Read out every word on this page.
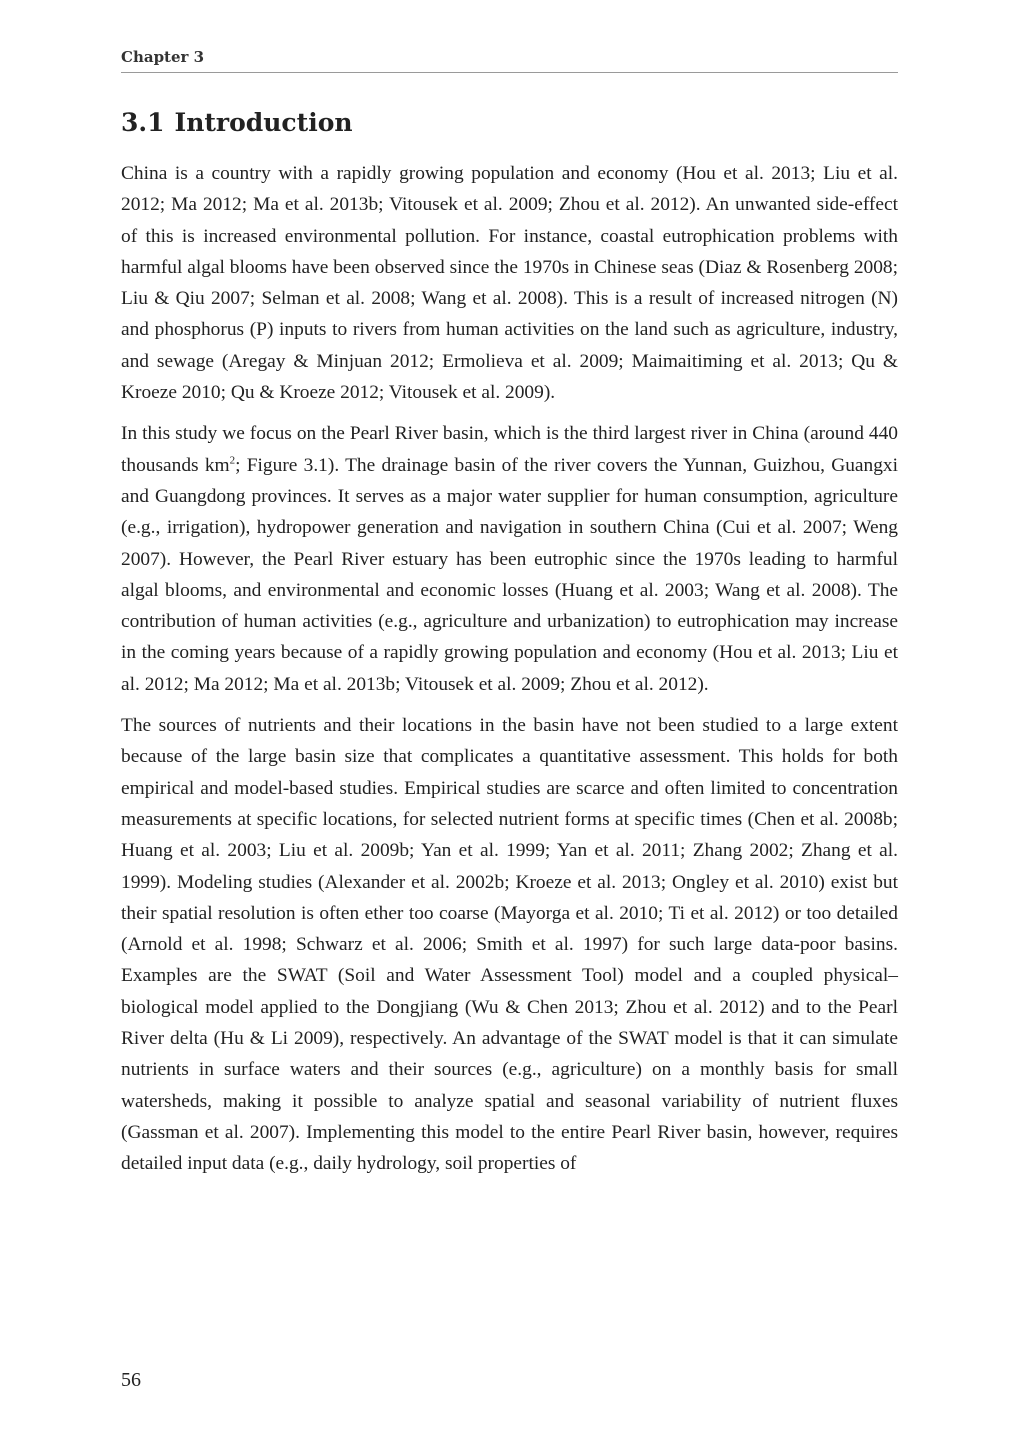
Chapter 3
3.1 Introduction

China is a country with a rapidly growing population and economy (Hou et al. 2013; Liu et al. 2012; Ma 2012; Ma et al. 2013b; Vitousek et al. 2009; Zhou et al. 2012). An unwanted side-effect of this is increased environmental pollution. For instance, coastal eutrophication problems with harmful algal blooms have been observed since the 1970s in Chinese seas (Diaz & Rosenberg 2008; Liu & Qiu 2007; Selman et al. 2008; Wang et al. 2008). This is a result of increased nitrogen (N) and phosphorus (P) inputs to rivers from human activities on the land such as agriculture, industry, and sewage (Aregay & Minjuan 2012; Ermolieva et al. 2009; Maimaitiming et al. 2013; Qu & Kroeze 2010; Qu & Kroeze 2012; Vitousek et al. 2009).

In this study we focus on the Pearl River basin, which is the third largest river in China (around 440 thousands $km^2$; Figure 3.1). The drainage basin of the river covers the Yunnan, Guizhou, Guangxi and Guangdong provinces. It serves as a major water supplier for human consumption, agriculture (e.g., irrigation), hydropower generation and navigation in southern China (Cui et al. 2007; Weng 2007). However, the Pearl River estuary has been eutrophic since the 1970s leading to harmful algal blooms, and environmental and economic losses (Huang et al. 2003; Wang et al. 2008). The contribution of human activities (e.g., agriculture and urbanization) to eutrophication may increase in the coming years because of a rapidly growing population and economy (Hou et al. 2013; Liu et al. 2012; Ma 2012; Ma et al. 2013b; Vitousek et al. 2009; Zhou et al. 2012).

The sources of nutrients and their locations in the basin have not been studied to a large extent because of the large basin size that complicates a quantitative assessment. This holds for both empirical and model-based studies. Empirical studies are scarce and often limited to concentration measurements at specific locations, for selected nutrient forms at specific times (Chen et al. 2008b; Huang et al. 2003; Liu et al. 2009b; Yan et al. 1999; Yan et al. 2011; Zhang 2002; Zhang et al. 1999). Modeling studies (Alexander et al. 2002b; Kroeze et al. 2013; Ongley et al. 2010) exist but their spatial resolution is often ether too coarse (Mayorga et al. 2010; Ti et al. 2012) or too detailed (Arnold et al. 1998; Schwarz et al. 2006; Smith et al. 1997) for such large data-poor basins. Examples are the SWAT (Soil and Water Assessment Tool) model and a coupled physical–biological model applied to the Dongjiang (Wu & Chen 2013; Zhou et al. 2012) and to the Pearl River delta (Hu & Li 2009), respectively. An advantage of the SWAT model is that it can simulate nutrients in surface waters and their sources (e.g., agriculture) on a monthly basis for small watersheds, making it possible to analyze spatial and seasonal variability of nutrient fluxes (Gassman et al. 2007). Implementing this model to the entire Pearl River basin, however, requires detailed input data (e.g., daily hydrology, soil properties of

56
